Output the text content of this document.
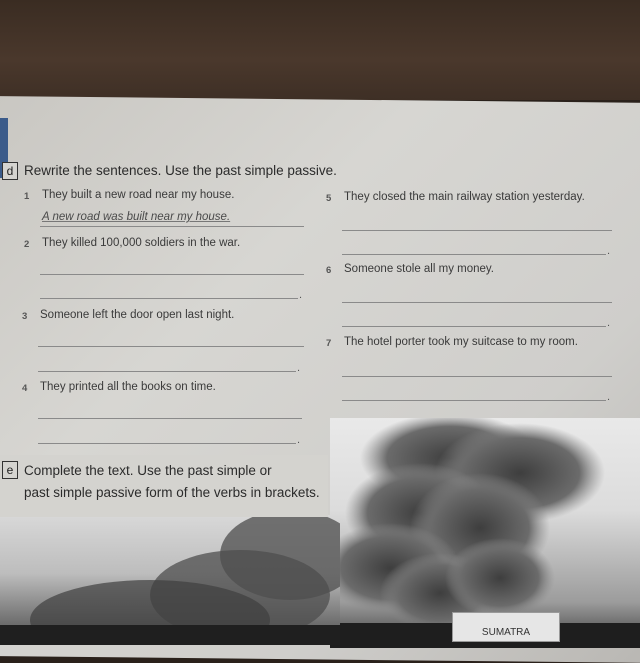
d Rewrite the sentences. Use the past simple passive.
1 They built a new road near my house.
A new road was built near my house.
2 They killed 100,000 soldiers in the war.
.
3 Someone left the door open last night.
.
4 They printed all the books on time.
.
5 They closed the main railway station yesterday.
.
6 Someone stole all my money.
.
7 The hotel porter took my suitcase to my room.
.
e Complete the text. Use the past simple or
past simple passive form of the verbs in brackets.
SUMATRA
